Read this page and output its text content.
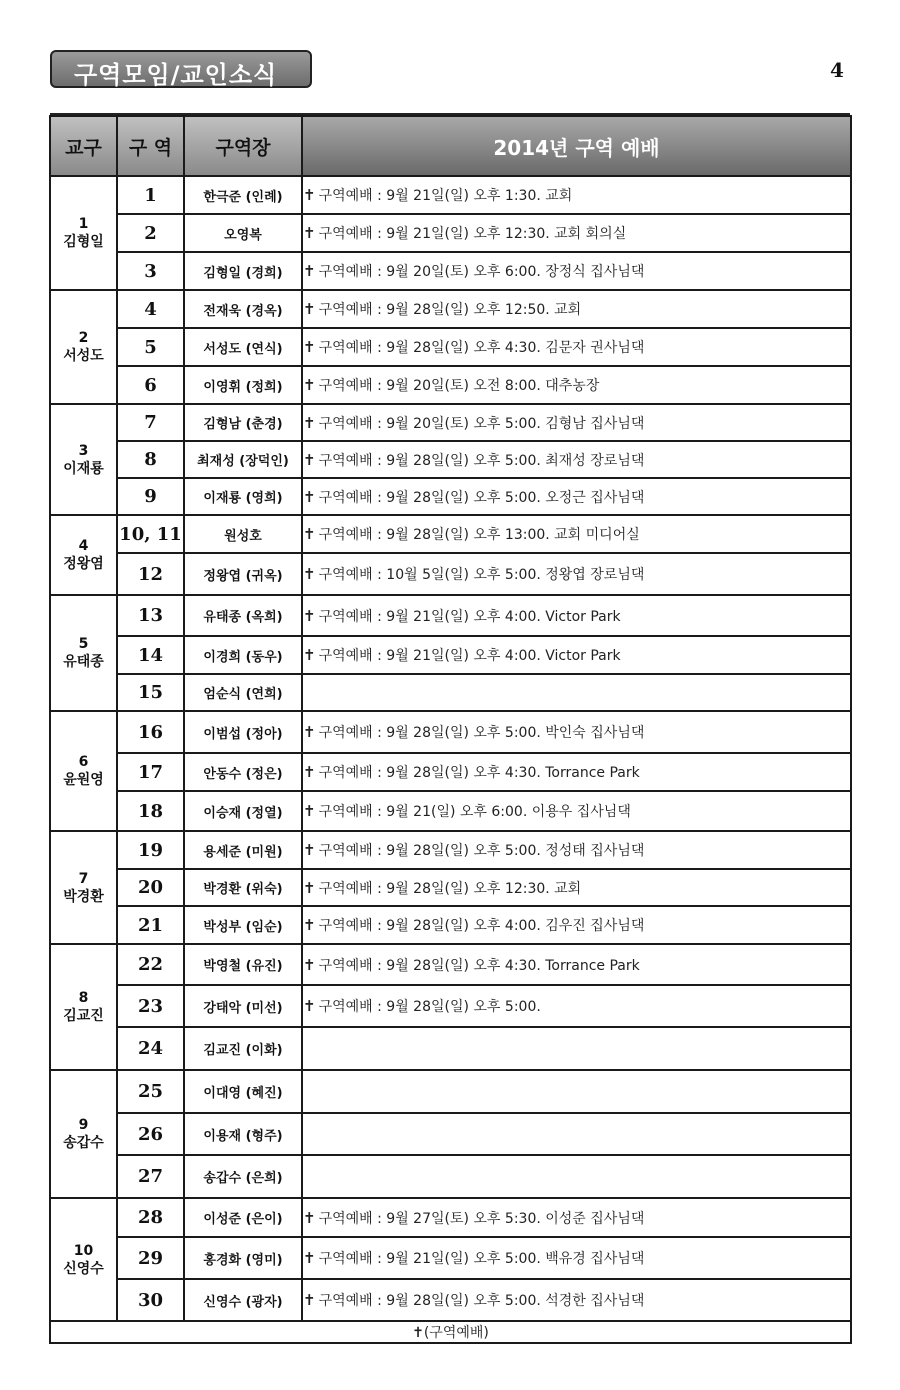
구역모임/교인소식	4
교구	구 역	구역장	2014년 구역 예배

1
김형일	1	한극준 (인례)	✝ 구역예배 : 9월 21일(일) 오후 1:30. 교회
	2	오영복	✝ 구역예배 : 9월 21일(일) 오후 12:30. 교회 회의실
	3	김형일 (경희)	✝ 구역예배 : 9월 20일(토) 오후 6:00. 장정식 집사님댁

2
서성도	4	전재욱 (경옥)	✝ 구역예배 : 9월 28일(일) 오후 12:50. 교회
	5	서성도 (연식)	✝ 구역예배 : 9월 28일(일) 오후 4:30. 김문자 권사님댁
	6	이영휘 (정희)	✝ 구역예배 : 9월 20일(토) 오전 8:00. 대추농장

3
이재룡	7	김형남 (춘경)	✝ 구역예배 : 9월 20일(토) 오후 5:00. 김형남 집사님댁
	8	최재성 (장덕인)	✝ 구역예배 : 9월 28일(일) 오후 5:00. 최재성 장로님댁
	9	이재룡 (영희)	✝ 구역예배 : 9월 28일(일) 오후 5:00. 오정근 집사님댁

4
정왕염	10, 11	원성호	✝ 구역예배 : 9월 28일(일) 오후 13:00. 교회 미디어실
	12	정왕엽 (귀옥)	✝ 구역예배 : 10월 5일(일) 오후 5:00. 정왕엽 장로님댁

5
유태종	13	유태종 (옥희)	✝ 구역예배 : 9월 21일(일) 오후 4:00. Victor Park
	14	이경희 (동우)	✝ 구역예배 : 9월 21일(일) 오후 4:00. Victor Park
	15	엄순식 (연희)	

6
윤원영	16	이범섭 (정아)	✝ 구역예배 : 9월 28일(일) 오후 5:00. 박인숙 집사님댁
	17	안동수 (정은)	✝ 구역예배 : 9월 28일(일) 오후 4:30. Torrance Park
	18	이승재 (정열)	✝ 구역예배 : 9월 21(일) 오후 6:00. 이용우 집사님댁

7
박경환	19	용세준 (미원)	✝ 구역예배 : 9월 28일(일) 오후 5:00. 정성태 집사님댁
	20	박경환 (위숙)	✝ 구역예배 : 9월 28일(일) 오후 12:30. 교회
	21	박성부 (임순)	✝ 구역예배 : 9월 28일(일) 오후 4:00. 김우진 집사님댁

8
김교진	22	박영철 (유진)	✝ 구역예배 : 9월 28일(일) 오후 4:30. Torrance Park
	23	강태악 (미선)	✝ 구역예배 : 9월 28일(일) 오후 5:00.
	24	김교진 (이화)	

9
송갑수	25	이대영 (혜진)	
	26	이용재 (형주)	
	27	송갑수 (은희)	

10
신영수	28	이성준 (은이)	✝ 구역예배 : 9월 27일(토) 오후 5:30. 이성준 집사님댁
	29	홍경화 (영미)	✝ 구역예배 : 9월 21일(일) 오후 5:00. 백유경 집사님댁
	30	신영수 (광자)	✝ 구역예배 : 9월 28일(일) 오후 5:00. 석경한 집사님댁
✝(구역예배)			
